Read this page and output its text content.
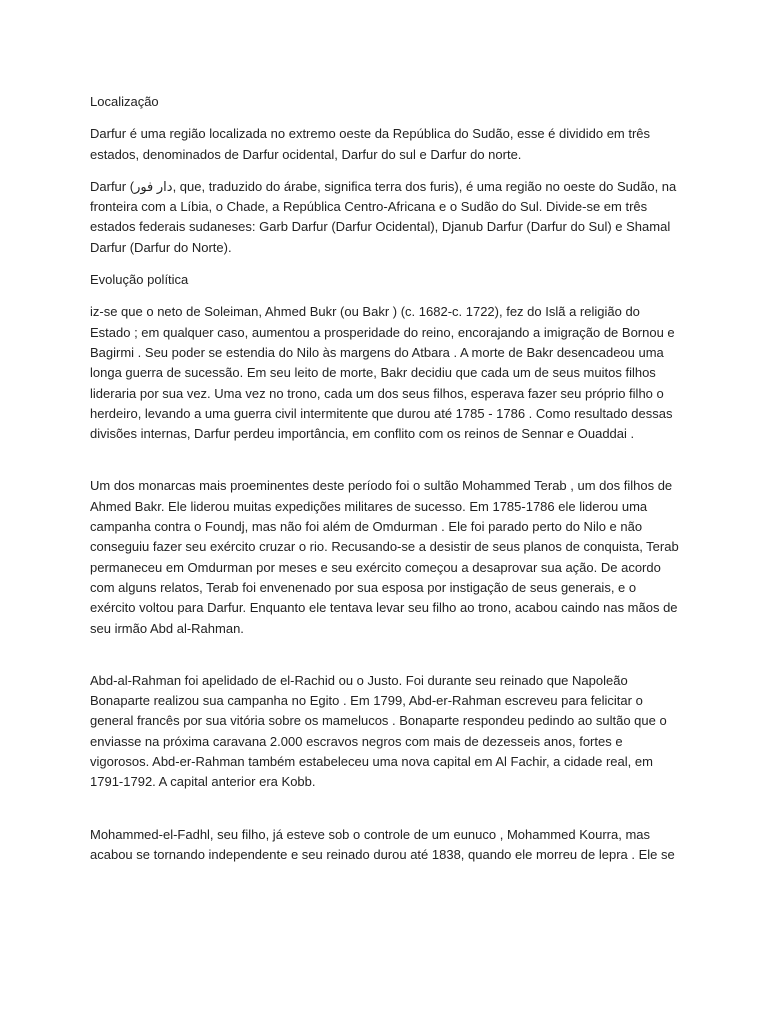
Localização

Darfur é uma região localizada no extremo oeste da República do Sudão, esse é dividido em três estados, denominados de Darfur ocidental, Darfur do sul e Darfur do norte.

Darfur (دار فور, que, traduzido do árabe, significa terra dos furis), é uma região no oeste do Sudão, na fronteira com a Líbia, o Chade, a República Centro-Africana e o Sudão do Sul. Divide-se em três estados federais sudaneses: Garb Darfur (Darfur Ocidental), Djanub Darfur (Darfur do Sul) e Shamal Darfur (Darfur do Norte).

Evolução política

iz-se que o neto de Soleiman, Ahmed Bukr (ou Bakr ) (c. 1682-c. 1722), fez do Islã a religião do Estado ; em qualquer caso, aumentou a prosperidade do reino, encorajando a imigração de Bornou e Bagirmi . Seu poder se estendia do Nilo às margens do Atbara . A morte de Bakr desencadeou uma longa guerra de sucessão. Em seu leito de morte, Bakr decidiu que cada um de seus muitos filhos lideraria por sua vez. Uma vez no trono, cada um dos seus filhos, esperava fazer seu próprio filho o herdeiro, levando a uma guerra civil intermitente que durou até 1785 - 1786 . Como resultado dessas divisões internas, Darfur perdeu importância, em conflito com os reinos de Sennar e Ouaddai .

Um dos monarcas mais proeminentes deste período foi o sultão Mohammed Terab , um dos filhos de Ahmed Bakr. Ele liderou muitas expedições militares de sucesso. Em 1785-1786 ele liderou uma campanha contra o Foundj, mas não foi além de Omdurman . Ele foi parado perto do Nilo e não conseguiu fazer seu exército cruzar o rio. Recusando-se a desistir de seus planos de conquista, Terab permaneceu em Omdurman por meses e seu exército começou a desaprovar sua ação. De acordo com alguns relatos, Terab foi envenenado por sua esposa por instigação de seus generais, e o exército voltou para Darfur. Enquanto ele tentava levar seu filho ao trono, acabou caindo nas mãos de seu irmão Abd al-Rahman.

Abd-al-Rahman foi apelidado de el-Rachid ou o Justo. Foi durante seu reinado que Napoleão Bonaparte realizou sua campanha no Egito . Em 1799, Abd-er-Rahman escreveu para felicitar o general francês por sua vitória sobre os mamelucos . Bonaparte respondeu pedindo ao sultão que o enviasse na próxima caravana 2.000 escravos negros com mais de dezesseis anos, fortes e vigorosos. Abd-er-Rahman também estabeleceu uma nova capital em Al Fachir, a cidade real, em 1791-1792. A capital anterior era Kobb.

Mohammed-el-Fadhl, seu filho, já esteve sob o controle de um eunuco , Mohammed Kourra, mas acabou se tornando independente e seu reinado durou até 1838, quando ele morreu de lepra . Ele se
